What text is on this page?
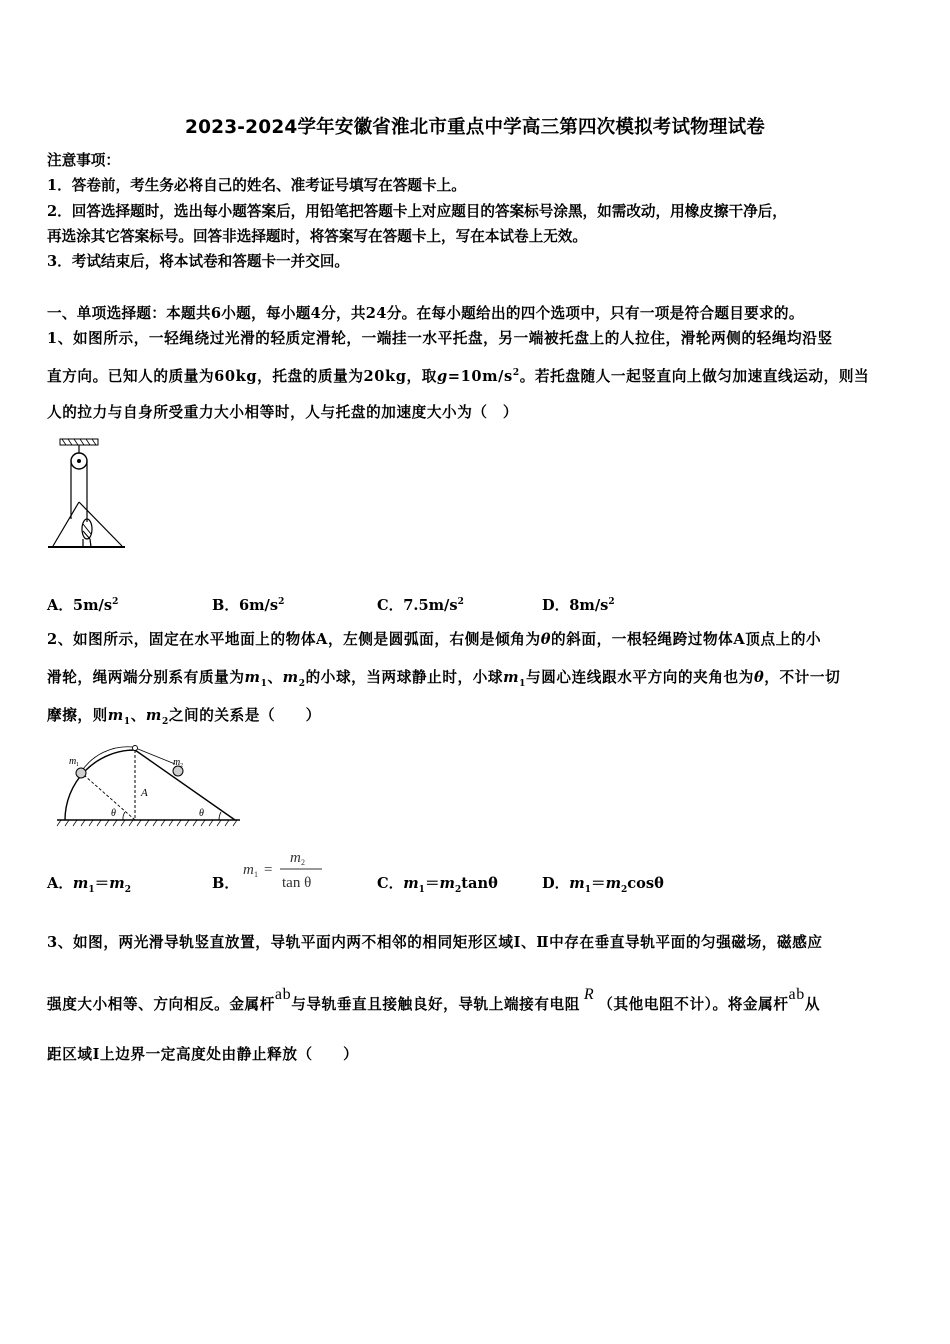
2023-2024学年安徽省淮北市重点中学高三第四次模拟考试物理试卷
注意事项：
1．答卷前，考生务必将自己的姓名、准考证号填写在答题卡上。
2．回答选择题时，选出每小题答案后，用铅笔把答题卡上对应题目的答案标号涂黑，如需改动，用橡皮擦干净后，
再选涂其它答案标号。回答非选择题时，将答案写在答题卡上，写在本试卷上无效。
3．考试结束后，将本试卷和答题卡一并交回。
一、单项选择题：本题共6小题，每小题4分，共24分。在每小题给出的四个选项中，只有一项是符合题目要求的。
1、如图所示，一轻绳绕过光滑的轻质定滑轮，一端挂一水平托盘，另一端被托盘上的人拉住，滑轮两侧的轻绳均沿竖
直方向。已知人的质量为60kg，托盘的质量为20kg，取$g=10m/s^2$。若托盘随人一起竖直向上做匀加速直线运动，则当
人的拉力与自身所受重力大小相等时，人与托盘的加速度大小为（　）
A．$5m/s^2$	B．$6m/s^2$	C．$7.5m/s^2$	D．$8m/s^2$
2、如图所示，固定在水平地面上的物体A，左侧是圆弧面，右侧是倾角为θ的斜面，一根轻绳跨过物体A顶点上的小
滑轮，绳两端分别系有质量为$m_1$、$m_2$的小球，当两球静止时，小球$m_1$与圆心连线跟水平方向的夹角也为θ，不计一切
摩擦，则$m_1$、$m_2$之间的关系是（　　）
m 1	m 2
A
θ	θ
A．$m_1=m_2$	B．
m 1 =
m 2
tan θ	C．$m_1=m_2\tan\theta$	D．$m_1=m_2\cos\theta$
3、如图，两光滑导轨竖直放置，导轨平面内两不相邻的相同矩形区域Ⅰ、Ⅱ中存在垂直导轨平面的匀强磁场，磁感应
强度大小相等、方向相反。金属杆ab与导轨垂直且接触良好，导轨上端接有电阻R（其他电阻不计）。将金属杆ab从
距区域Ⅰ上边界一定高度处由静止释放（　　）
